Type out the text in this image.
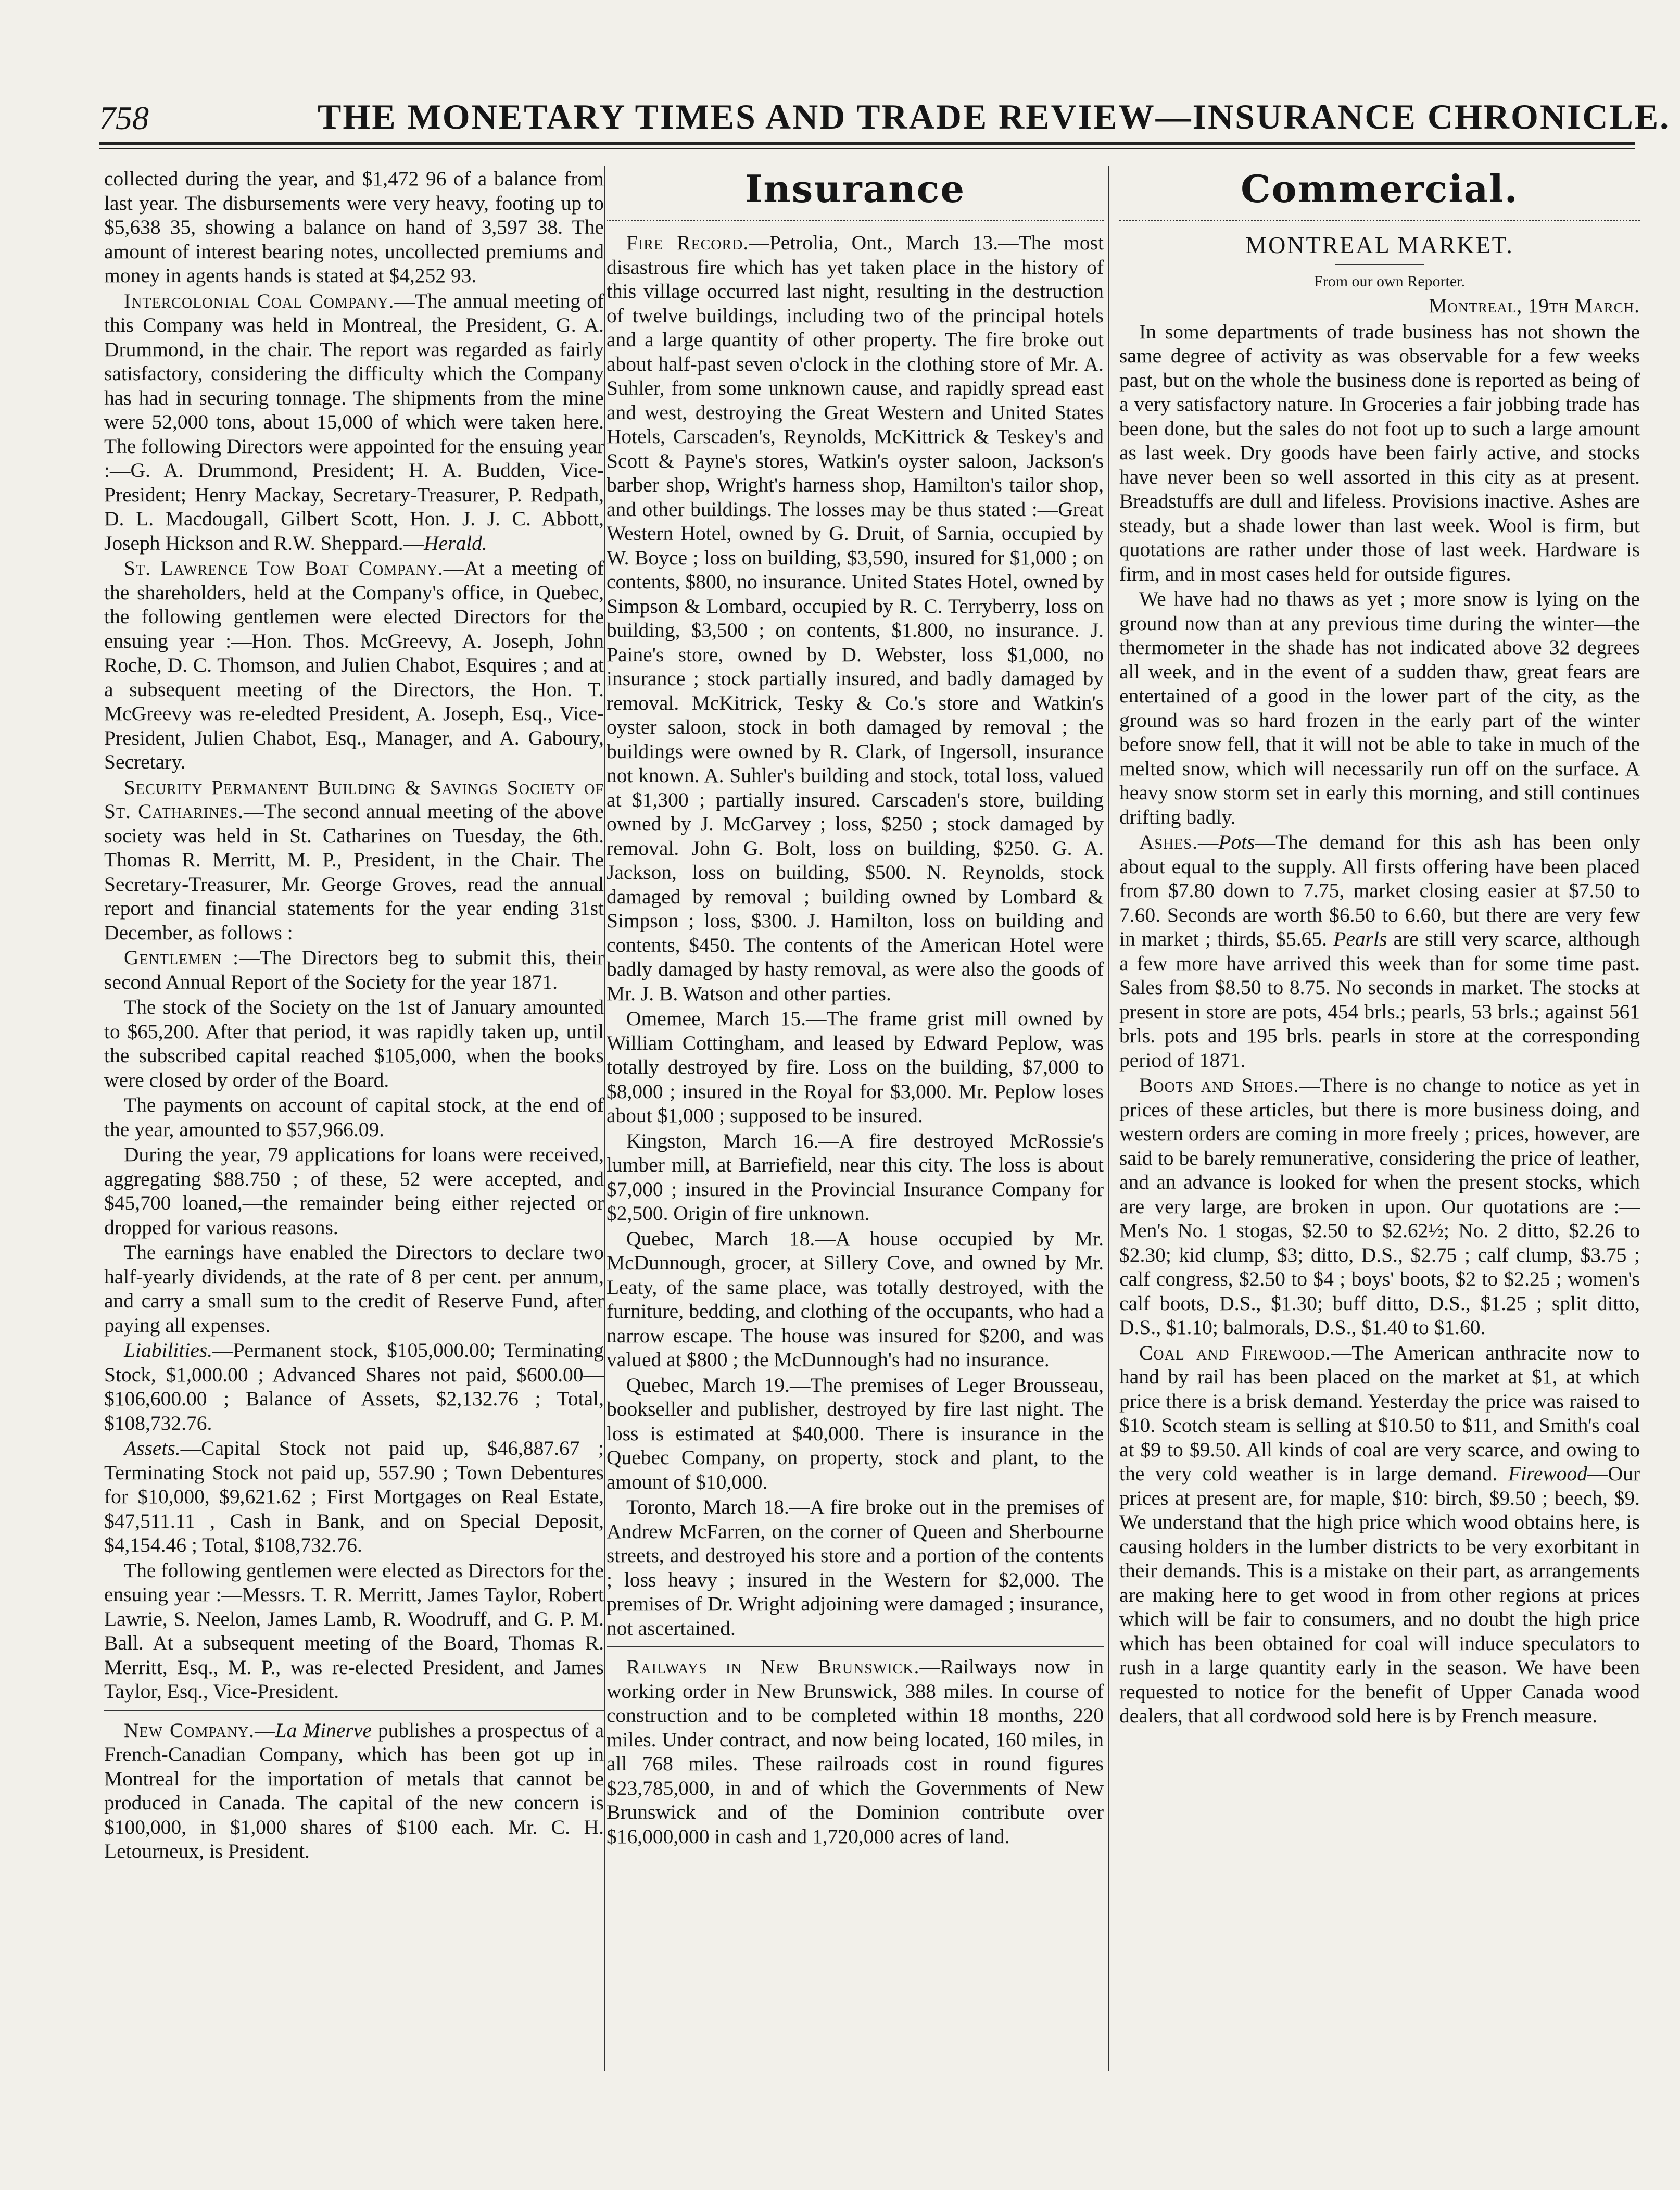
758	THE MONETARY TIMES AND TRADE REVIEW—INSURANCE CHRONICLE.

collected during the year, and $1,472 96 of a balance from last year. The disbursements were very heavy, footing up to $5,638 35, showing a balance on hand of 3,597 38. The amount of interest bearing notes, uncollected premiums and money in agents hands is stated at $4,252 93.

Intercolonial Coal Company.—The annual meeting of this Company was held in Montreal, the President, G. A. Drummond, in the chair. The report was regarded as fairly satisfactory, considering the difficulty which the Company has had in securing tonnage. The shipments from the mine were 52,000 tons, about 15,000 of which were taken here. The following Directors were appointed for the ensuing year :—G. A. Drummond, President; H. A. Budden, Vice-President; Henry Mackay, Secretary-Treasurer, P. Redpath, D. L. Macdougall, Gilbert Scott, Hon. J. J. C. Abbott, Joseph Hickson and R.W. Sheppard.—Herald.

St. Lawrence Tow Boat Company.—At a meeting of the shareholders, held at the Company's office, in Quebec, the following gentlemen were elected Directors for the ensuing year :—Hon. Thos. McGreevy, A. Joseph, John Roche, D. C. Thomson, and Julien Chabot, Esquires ; and at a subsequent meeting of the Directors, the Hon. T. McGreevy was re-eledted President, A. Joseph, Esq., Vice-President, Julien Chabot, Esq., Manager, and A. Gaboury, Secretary.

Security Permanent Building & Savings Society of St. Catharines.—The second annual meeting of the above society was held in St. Catharines on Tuesday, the 6th. Thomas R. Merritt, M. P., President, in the Chair. The Secretary-Treasurer, Mr. George Groves, read the annual report and financial statements for the year ending 31st December, as follows :

Gentlemen :—The Directors beg to submit this, their second Annual Report of the Society for the year 1871.

The stock of the Society on the 1st of January amounted to $65,200. After that period, it was rapidly taken up, until the subscribed capital reached $105,000, when the books were closed by order of the Board.

The payments on account of capital stock, at the end of the year, amounted to $57,966.09.

During the year, 79 applications for loans were received, aggregating $88.750 ; of these, 52 were accepted, and $45,700 loaned,—the remainder being either rejected or dropped for various reasons.

The earnings have enabled the Directors to declare two half-yearly dividends, at the rate of 8 per cent. per annum, and carry a small sum to the credit of Reserve Fund, after paying all expenses.

Liabilities.—Permanent stock, $105,000.00; Terminating Stock, $1,000.00 ; Advanced Shares not paid, $600.00—$106,600.00 ; Balance of Assets, $2,132.76 ; Total, $108,732.76.

Assets.—Capital Stock not paid up, $46,887.67 ; Terminating Stock not paid up, 557.90 ; Town Debentures for $10,000, $9,621.62 ; First Mortgages on Real Estate, $47,511.11 , Cash in Bank, and on Special Deposit, $4,154.46 ; Total, $108,732.76.

The following gentlemen were elected as Directors for the ensuing year :—Messrs. T. R. Merritt, James Taylor, Robert Lawrie, S. Neelon, James Lamb, R. Woodruff, and G. P. M. Ball. At a subsequent meeting of the Board, Thomas R. Merritt, Esq., M. P., was re-elected President, and James Taylor, Esq., Vice-President.

New Company.—La Minerve publishes a prospectus of a French-Canadian Company, which has been got up in Montreal for the importation of metals that cannot be produced in Canada. The capital of the new concern is $100,000, in $1,000 shares of $100 each. Mr. C. H. Letourneux, is President.

Insurance

Fire Record.—Petrolia, Ont., March 13.—The most disastrous fire which has yet taken place in the history of this village occurred last night, resulting in the destruction of twelve buildings, including two of the principal hotels and a large quantity of other property. The fire broke out about half-past seven o'clock in the clothing store of Mr. A. Suhler, from some unknown cause, and rapidly spread east and west, destroying the Great Western and United States Hotels, Carscaden's, Reynolds, McKittrick & Teskey's and Scott & Payne's stores, Watkin's oyster saloon, Jackson's barber shop, Wright's harness shop, Hamilton's tailor shop, and other buildings. The losses may be thus stated :—Great Western Hotel, owned by G. Druit, of Sarnia, occupied by W. Boyce ; loss on building, $3,590, insured for $1,000 ; on contents, $800, no insurance. United States Hotel, owned by Simpson & Lombard, occupied by R. C. Terryberry, loss on building, $3,500 ; on contents, $1.800, no insurance. J. Paine's store, owned by D. Webster, loss $1,000, no insurance ; stock partially insured, and badly damaged by removal. McKitrick, Tesky & Co.'s store and Watkin's oyster saloon, stock in both damaged by removal ; the buildings were owned by R. Clark, of Ingersoll, insurance not known. A. Suhler's building and stock, total loss, valued at $1,300 ; partially insured. Carscaden's store, building owned by J. McGarvey ; loss, $250 ; stock damaged by removal. John G. Bolt, loss on building, $250. G. A. Jackson, loss on building, $500. N. Reynolds, stock damaged by removal ; building owned by Lombard & Simpson ; loss, $300. J. Hamilton, loss on building and contents, $450. The contents of the American Hotel were badly damaged by hasty removal, as were also the goods of Mr. J. B. Watson and other parties.

Omemee, March 15.—The frame grist mill owned by William Cottingham, and leased by Edward Peplow, was totally destroyed by fire. Loss on the building, $7,000 to $8,000 ; insured in the Royal for $3,000. Mr. Peplow loses about $1,000 ; supposed to be insured.

Kingston, March 16.—A fire destroyed McRossie's lumber mill, at Barriefield, near this city. The loss is about $7,000 ; insured in the Provincial Insurance Company for $2,500. Origin of fire unknown.

Quebec, March 18.—A house occupied by Mr. McDunnough, grocer, at Sillery Cove, and owned by Mr. Leaty, of the same place, was totally destroyed, with the furniture, bedding, and clothing of the occupants, who had a narrow escape. The house was insured for $200, and was valued at $800 ; the McDunnough's had no insurance.

Quebec, March 19.—The premises of Leger Brousseau, bookseller and publisher, destroyed by fire last night. The loss is estimated at $40,000. There is insurance in the Quebec Company, on property, stock and plant, to the amount of $10,000.

Toronto, March 18.—A fire broke out in the premises of Andrew McFarren, on the corner of Queen and Sherbourne streets, and destroyed his store and a portion of the contents ; loss heavy ; insured in the Western for $2,000. The premises of Dr. Wright adjoining were damaged ; insurance, not ascertained.

Railways in New Brunswick.—Railways now in working order in New Brunswick, 388 miles. In course of construction and to be completed within 18 months, 220 miles. Under contract, and now being located, 160 miles, in all 768 miles. These railroads cost in round figures $23,785,000, in and of which the Governments of New Brunswick and of the Dominion contribute over $16,000,000 in cash and 1,720,000 acres of land.

Commercial.
MONTREAL MARKET.

From our own Reporter.

Montreal, 19th March.

In some departments of trade business has not shown the same degree of activity as was observable for a few weeks past, but on the whole the business done is reported as being of a very satisfactory nature. In Groceries a fair jobbing trade has been done, but the sales do not foot up to such a large amount as last week. Dry goods have been fairly active, and stocks have never been so well assorted in this city as at present. Breadstuffs are dull and lifeless. Provisions inactive. Ashes are steady, but a shade lower than last week. Wool is firm, but quotations are rather under those of last week. Hardware is firm, and in most cases held for outside figures.

We have had no thaws as yet ; more snow is lying on the ground now than at any previous time during the winter—the thermometer in the shade has not indicated above 32 degrees all week, and in the event of a sudden thaw, great fears are entertained of a good in the lower part of the city, as the ground was so hard frozen in the early part of the winter before snow fell, that it will not be able to take in much of the melted snow, which will necessarily run off on the surface. A heavy snow storm set in early this morning, and still continues drifting badly.

Ashes.—Pots—The demand for this ash has been only about equal to the supply. All firsts offering have been placed from $7.80 down to 7.75, market closing easier at $7.50 to 7.60. Seconds are worth $6.50 to 6.60, but there are very few in market ; thirds, $5.65. Pearls are still very scarce, although a few more have arrived this week than for some time past. Sales from $8.50 to 8.75. No seconds in market. The stocks at present in store are pots, 454 brls.; pearls, 53 brls.; against 561 brls. pots and 195 brls. pearls in store at the corresponding period of 1871.

Boots and Shoes.—There is no change to notice as yet in prices of these articles, but there is more business doing, and western orders are coming in more freely ; prices, however, are said to be barely remunerative, considering the price of leather, and an advance is looked for when the present stocks, which are very large, are broken in upon. Our quotations are :—Men's No. 1 stogas, $2.50 to $2.62½; No. 2 ditto, $2.26 to $2.30; kid clump, $3; ditto, D.S., $2.75 ; calf clump, $3.75 ; calf congress, $2.50 to $4 ; boys' boots, $2 to $2.25 ; women's calf boots, D.S., $1.30; buff ditto, D.S., $1.25 ; split ditto, D.S., $1.10; balmorals, D.S., $1.40 to $1.60.

Coal and Firewood.—The American anthracite now to hand by rail has been placed on the market at $1, at which price there is a brisk demand. Yesterday the price was raised to $10. Scotch steam is selling at $10.50 to $11, and Smith's coal at $9 to $9.50. All kinds of coal are very scarce, and owing to the very cold weather is in large demand. Firewood—Our prices at present are, for maple, $10: birch, $9.50 ; beech, $9. We understand that the high price which wood obtains here, is causing holders in the lumber districts to be very exorbitant in their demands. This is a mistake on their part, as arrangements are making here to get wood in from other regions at prices which will be fair to consumers, and no doubt the high price which has been obtained for coal will induce speculators to rush in a large quantity early in the season. We have been requested to notice for the benefit of Upper Canada wood dealers, that all cordwood sold here is by French measure.
